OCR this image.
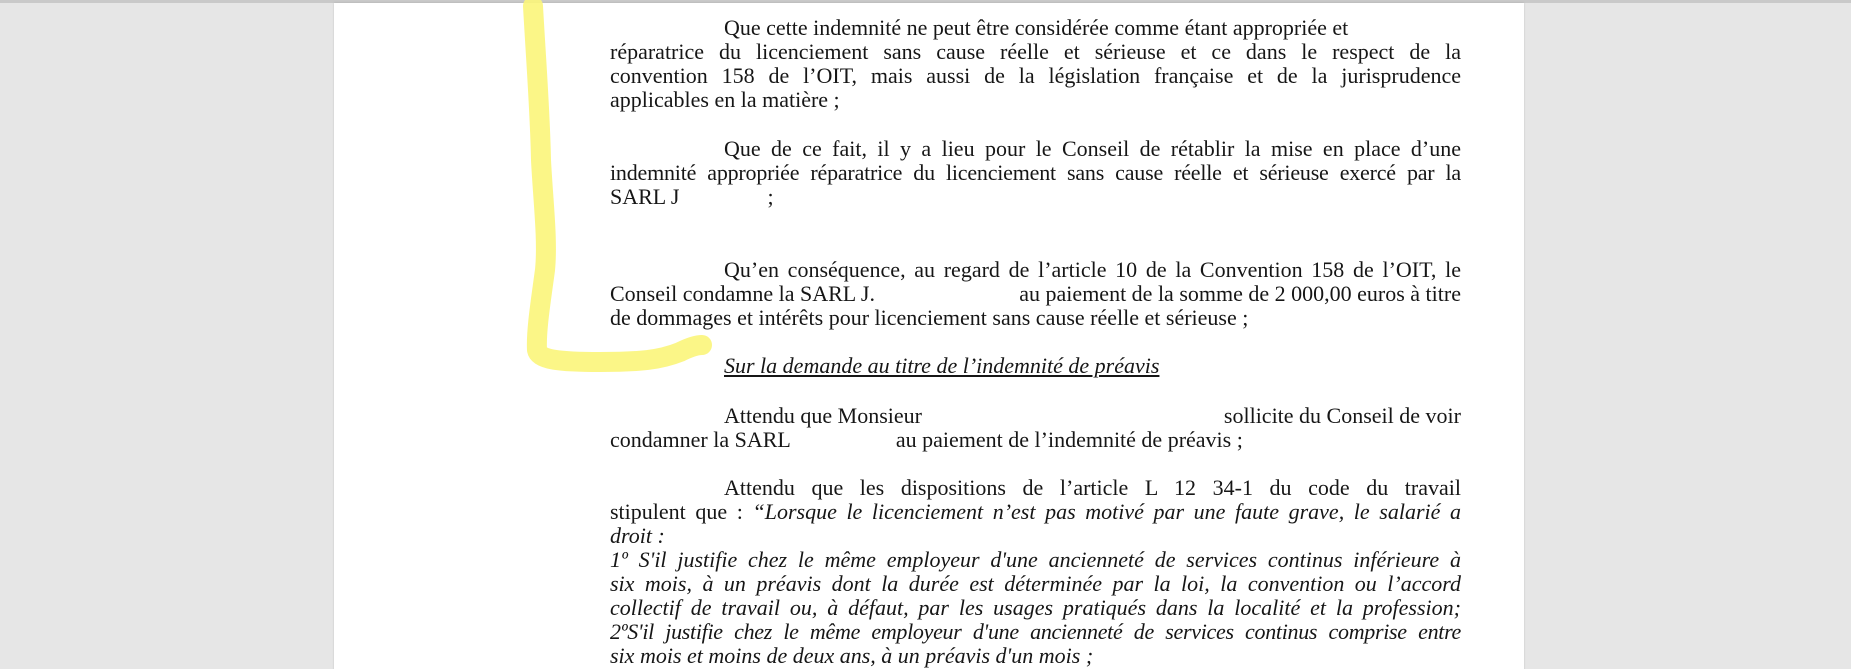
Que cette indemnité ne peut être considérée comme étant appropriée et
réparatrice du licenciement sans cause réelle et sérieuse et ce dans le respect de la
convention 158 de l’OIT, mais aussi de la législation française et de la jurisprudence
applicables en la matière ;
Que de ce fait, il y a lieu pour le Conseil de rétablir la mise en place d’une
indemnité appropriée réparatrice du licenciement sans cause réelle et sérieuse exercé par la
SARL J	;
Qu’en conséquence, au regard de l’article 10 de la Convention 158 de l’OIT, le
Conseil condamne la SARL J.
	au paiement de la somme de 2 000,00 euros à titre
de dommages et intérêts pour licenciement sans cause réelle et sérieuse ;
Sur la demande au titre de l’indemnité de préavis
Attendu que Monsieur
	sollicite du Conseil de voir
condamner la SARL	au paiement de l’indemnité de préavis ;
Attendu que les dispositions de l’article L 12 34-1 du code du travail
stipulent que : “Lorsque le licenciement n’est pas motivé par une faute grave, le salarié a
droit :
1º S'il justifie chez le même employeur d'une ancienneté de services continus inférieure à
six mois, à un préavis dont la durée est déterminée par la loi, la convention ou l’accord
collectif de travail ou, à défaut, par les usages pratiqués dans la localité et la profession;
2ºS'il justifie chez le même employeur d'une ancienneté de services continus comprise entre
six mois et moins de deux ans, à un préavis d'un mois ;
